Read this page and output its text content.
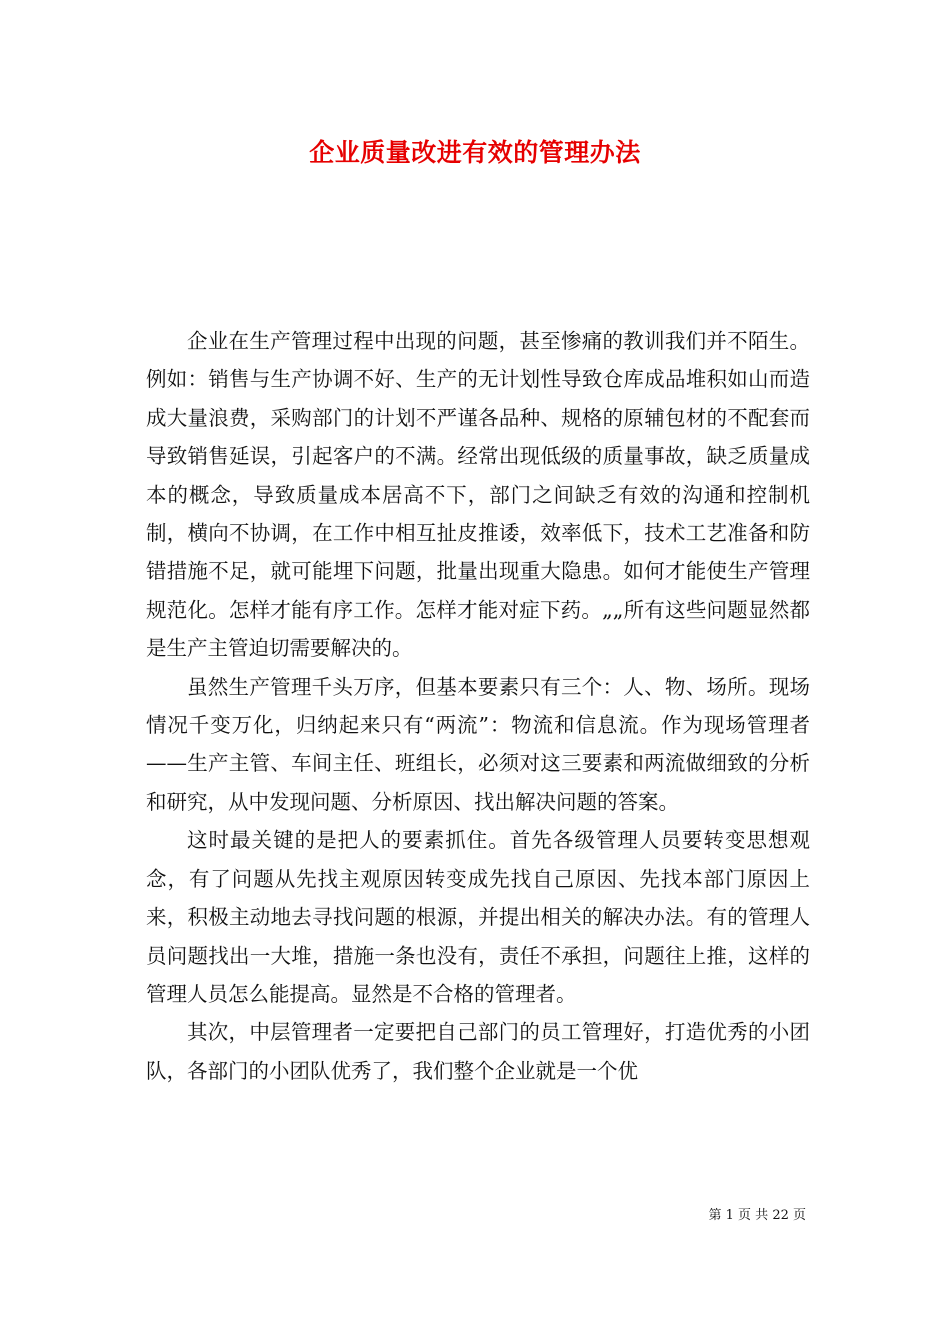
企业质量改进有效的管理办法

企业在生产管理过程中出现的问题，甚至惨痛的教训我们并不陌生。例如：销售与生产协调不好、生产的无计划性导致仓库成品堆积如山而造成大量浪费，采购部门的计划不严谨各品种、规格的原辅包材的不配套而导致销售延误，引起客户的不满。经常出现低级的质量事故，缺乏质量成本的概念，导致质量成本居高不下，部门之间缺乏有效的沟通和控制机制，横向不协调，在工作中相互扯皮推诿，效率低下，技术工艺准备和防错措施不足，就可能埋下问题，批量出现重大隐患。如何才能使生产管理规范化。怎样才能有序工作。怎样才能对症下药。„„所有这些问题显然都是生产主管迫切需要解决的。

虽然生产管理千头万序，但基本要素只有三个：人、物、场所。现场情况千变万化，归纳起来只有“两流”：物流和信息流。作为现场管理者——生产主管、车间主任、班组长，必须对这三要素和两流做细致的分析和研究，从中发现问题、分析原因、找出解决问题的答案。

这时最关键的是把人的要素抓住。首先各级管理人员要转变思想观念，有了问题从先找主观原因转变成先找自己原因、先找本部门原因上来，积极主动地去寻找问题的根源，并提出相关的解决办法。有的管理人员问题找出一大堆，措施一条也没有，责任不承担，问题往上推，这样的管理人员怎么能提高。显然是不合格的管理者。

其次，中层管理者一定要把自己部门的员工管理好，打造优秀的小团队，各部门的小团队优秀了，我们整个企业就是一个优

第 1 页 共 22 页
